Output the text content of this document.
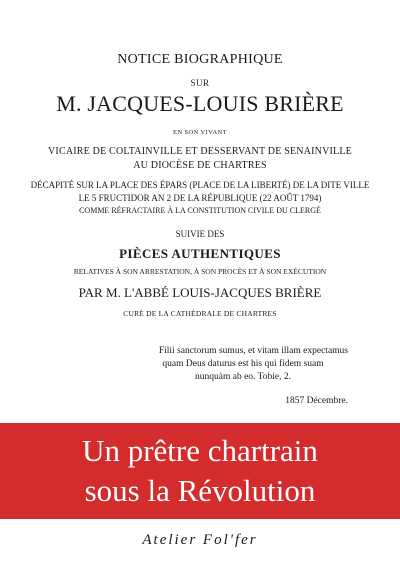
NOTICE BIOGRAPHIQUE
SUR
M. JACQUES-LOUIS BRIÈRE
EN SON VIVANT
VICAIRE DE COLTAINVILLE ET DESSERVANT DE SENAINVILLE
AU DIOCÈSE DE CHARTRES
DÉCAPITÉ SUR LA PLACE DES ÉPARS (PLACE DE LA LIBERTÉ) DE LA DITE VILLE
LE 5 FRUCTIDOR AN 2 DE LA RÉPUBLIQUE (22 AOÛT 1794)
COMME RÉFRACTAIRE À LA CONSTITUTION CIVILE DU CLERGÉ
SUIVIE DES
PIÈCES AUTHENTIQUES
RELATIVES À SON ARRESTATION, À SON PROCÈS ET À SON EXÉCUTION
PAR M. L'ABBÉ LOUIS-JACQUES BRIÈRE
CURÉ DE LA CATHÉDRALE DE CHARTRES
Filii sanctorum sumus, et vitam illam expectamus
quam Deus daturus est his qui fidem suam
nunquàm ab eo. Tobie, 2.
1857 Décembre.
Un prêtre chartrain
sous la Révolution
Atelier Fol'fer
